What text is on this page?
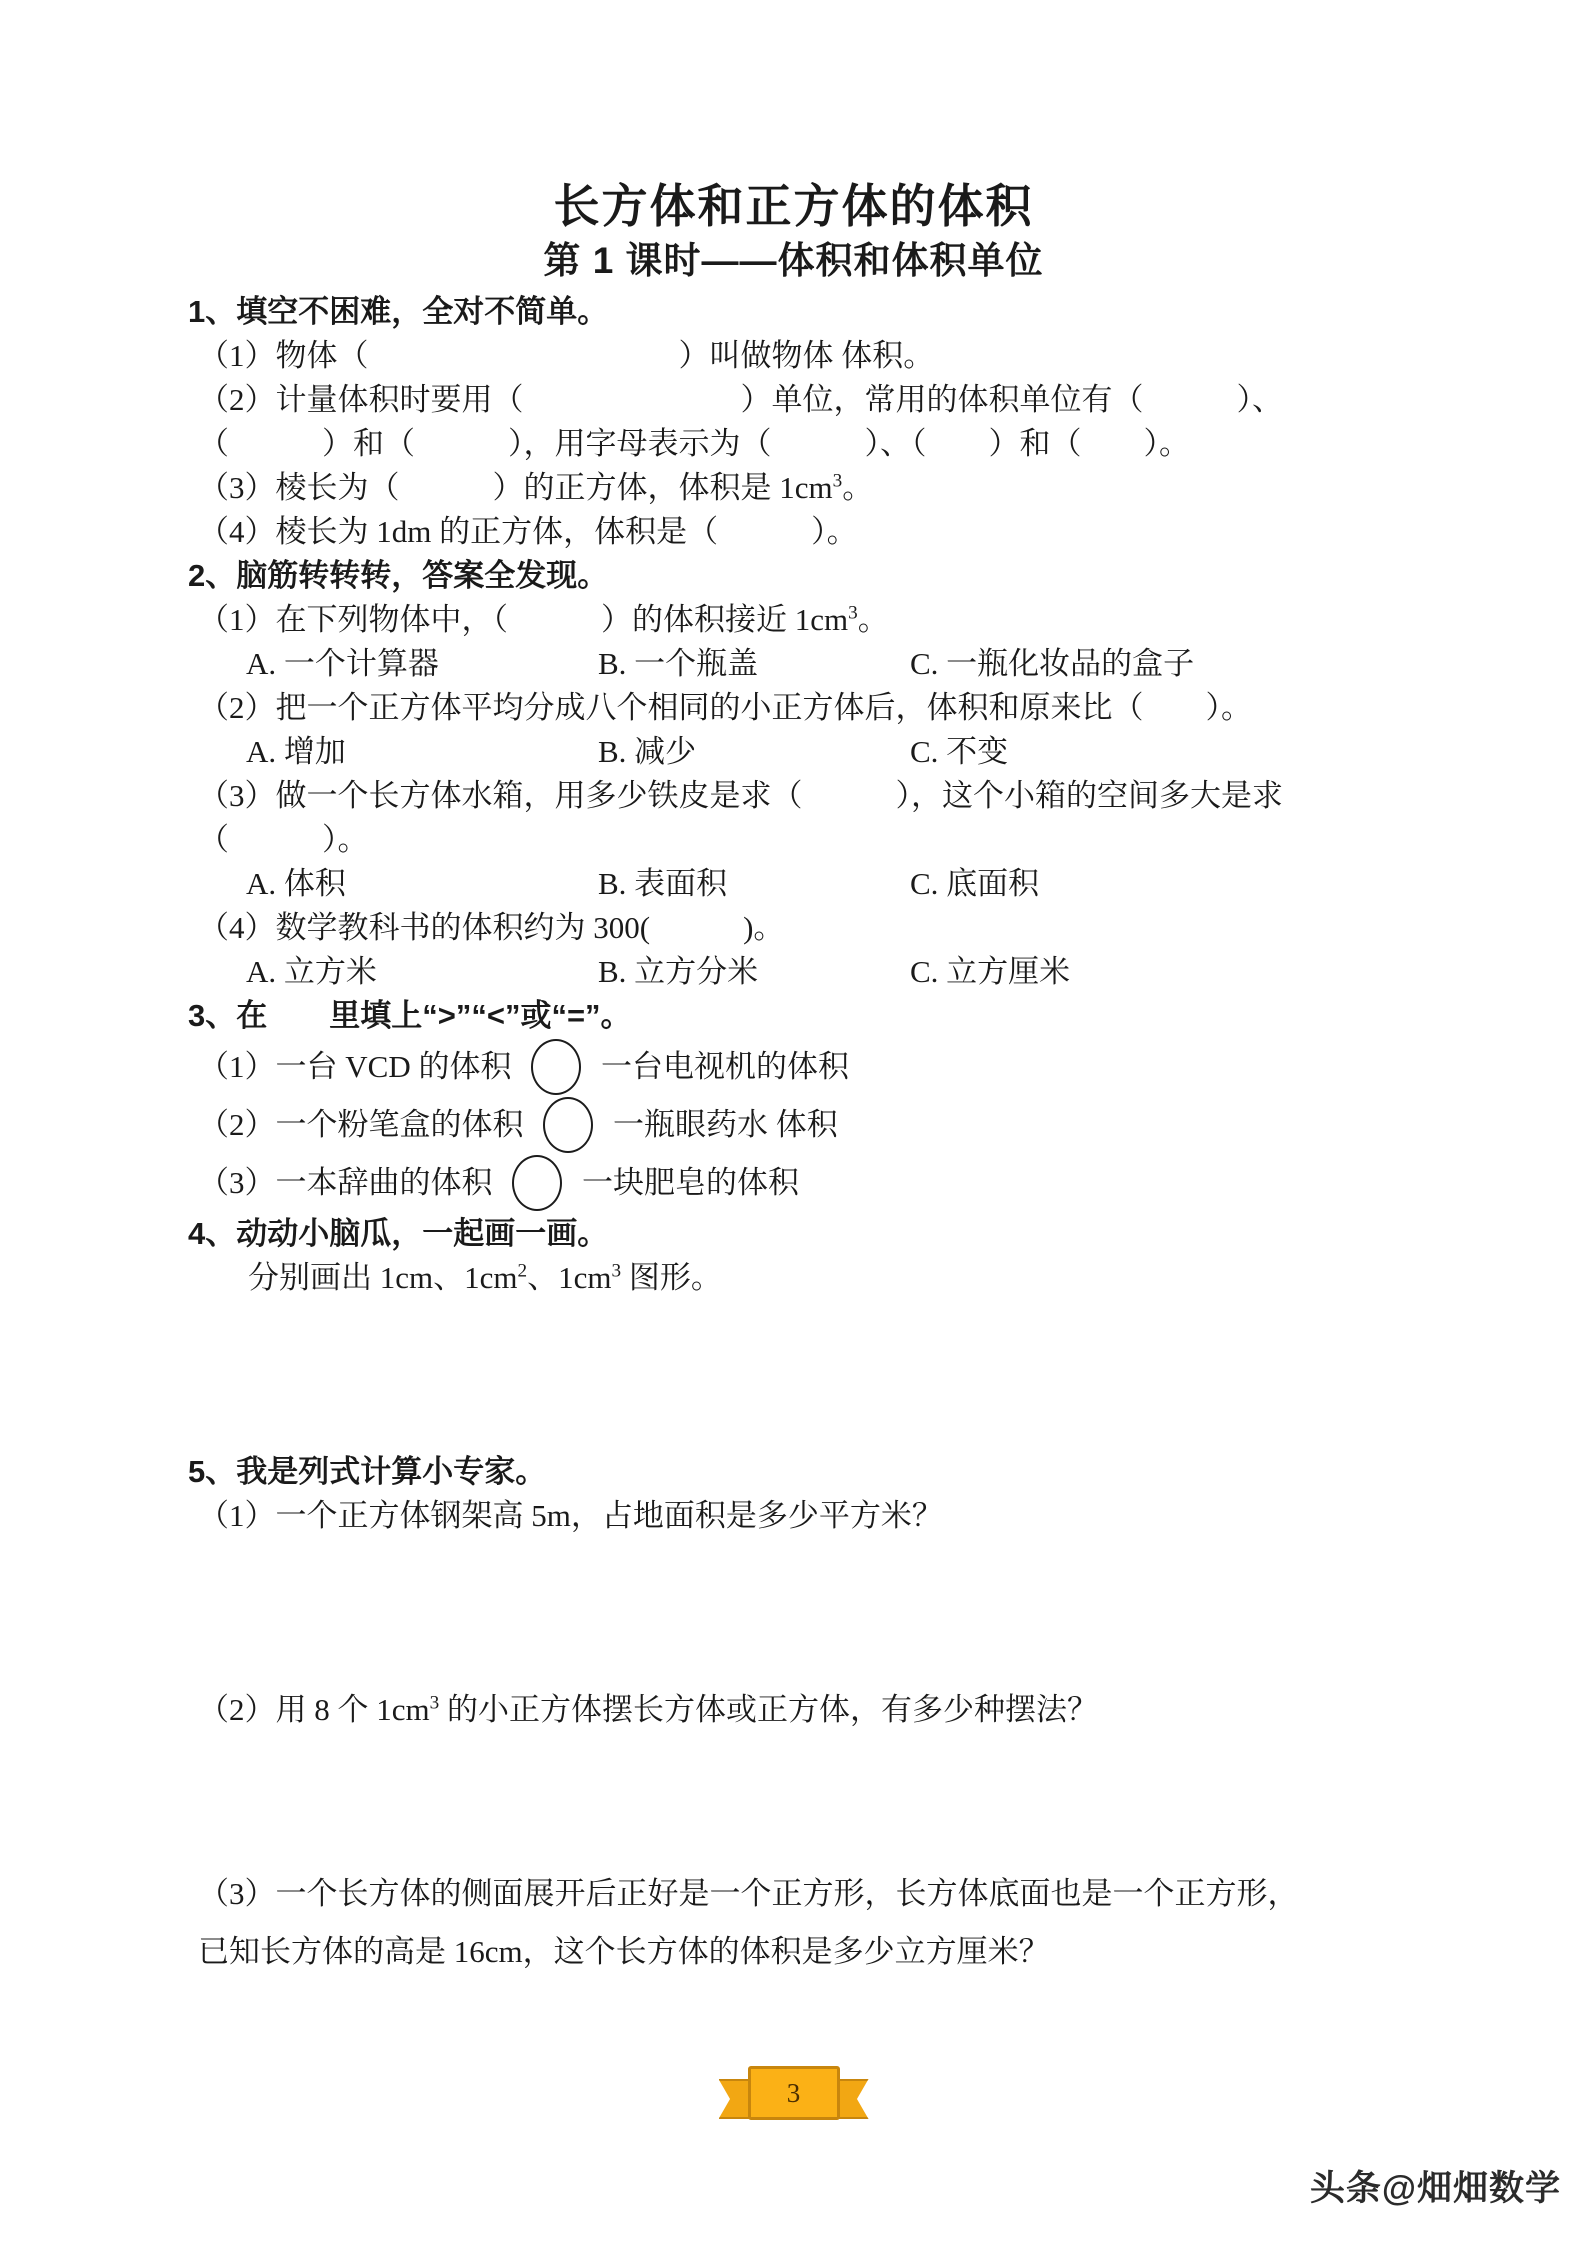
长方体和正方体的体积
第 1 课时——体积和体积单位
1、填空不困难，全对不简单。
（1）物体（　　　　　　　　　　）叫做物体 体积。
（2）计量体积时要用（　　　　　　　）单位，常用的体积单位有（　　　）、
（　　　）和（　　　），用字母表示为（　　　）、（　　）和（　　）。
（3）棱长为（　　　）的正方体，体积是 $1cm^3$。
（4）棱长为 1dm 的正方体，体积是（　　　）。
2、脑筋转转转，答案全发现。
（1）在下列物体中，（　　　）的体积接近 $1cm^3$。
A. 一个计算器	B. 一个瓶盖	C. 一瓶化妆品的盒子
（2）把一个正方体平均分成八个相同的小正方体后，体积和原来比（　　）。
A. 增加	B. 减少	C. 不变
（3）做一个长方体水箱，用多少铁皮是求（　　　），这个小箱的空间多大是求
（　　　）。
A. 体积	B. 表面积	C. 底面积
（4）数学教科书的体积约为 300(　　　)。
A. 立方米	B. 立方分米	C. 立方厘米
3、在　　里填上“>”“<”或“=”。
（1）一台 VCD 的体积  一台电视机的体积
（2）一个粉笔盒的体积  一瓶眼药水 体积
（3）一本辞曲的体积  一块肥皂的体积
4、动动小脑瓜，一起画一画。
分别画出 1cm、$1cm^2$、$1cm^3$ 图形。
5、我是列式计算小专家。
（1）一个正方体钢架高 5m，占地面积是多少平方米？
（2）用 8 个 $1cm^3$ 的小正方体摆长方体或正方体，有多少种摆法？
（3）一个长方体的侧面展开后正好是一个正方形，长方体底面也是一个正方形，
已知长方体的高是 16cm，这个长方体的体积是多少立方厘米？
3
头条@畑畑数学
